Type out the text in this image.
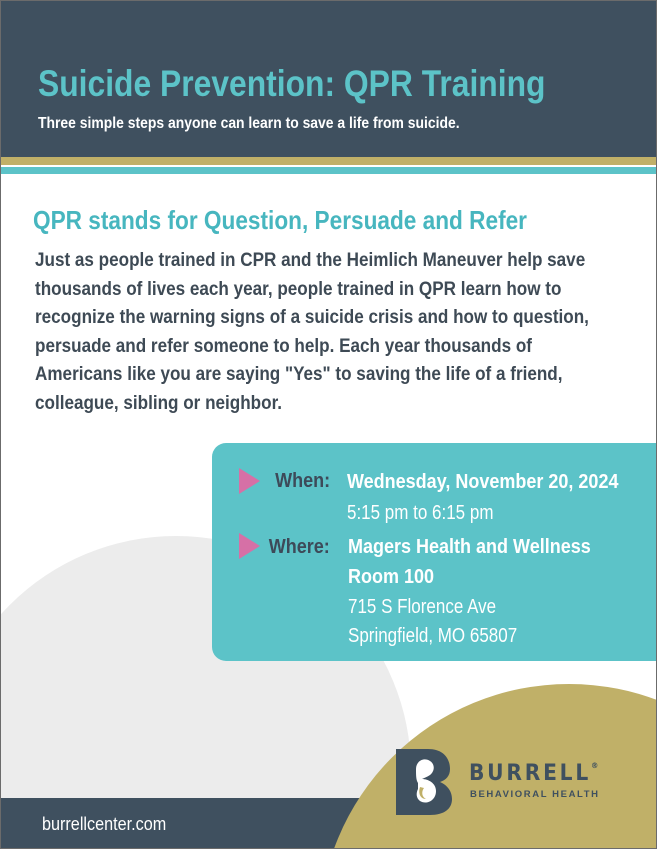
Suicide Prevention: QPR Training

Three simple steps anyone can learn to save a life from suicide.

QPR stands for Question, Persuade and Refer

Just as people trained in CPR and the Heimlich Maneuver help save
thousands of lives each year, people trained in QPR learn how to
recognize the warning signs of a suicide crisis and how to question,
persuade and refer someone to help. Each year thousands of
Americans like you are saying "Yes" to saving the life of a friend,
colleague, sibling or neighbor.

When: Wednesday, November 20, 2024
5:15 pm to 6:15 pm
Where: Magers Health and Wellness
Room 100
715 S Florence Ave
Springfield, MO 65807

burrellcenter.com

BURRELL®

BEHAVIORAL HEALTH
